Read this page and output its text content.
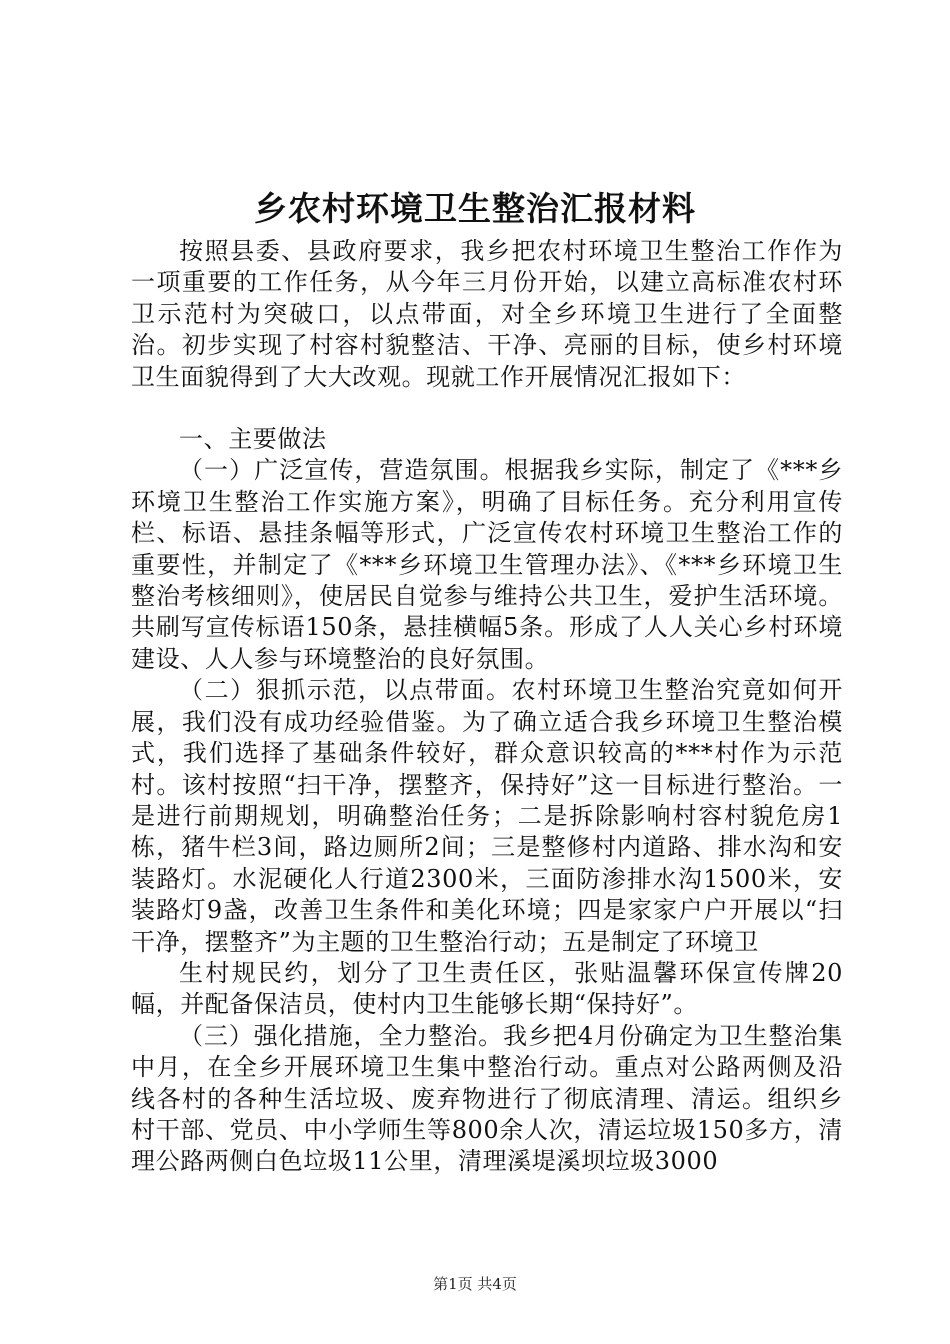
乡农村环境卫生整治汇报材料

按照县委、县政府要求，我乡把农村环境卫生整治工作作为一项重要的工作任务，从今年三月份开始，以建立高标准农村环卫示范村为突破口，以点带面，对全乡环境卫生进行了全面整治。初步实现了村容村貌整洁、干净、亮丽的目标，使乡村环境卫生面貌得到了大大改观。现就工作开展情况汇报如下：

一、主要做法

（一）广泛宣传，营造氛围。根据我乡实际，制定了《***乡环境卫生整治工作实施方案》，明确了目标任务。充分利用宣传栏、标语、悬挂条幅等形式，广泛宣传农村环境卫生整治工作的重要性，并制定了《***乡环境卫生管理办法》、《***乡环境卫生整治考核细则》，使居民自觉参与维持公共卫生，爱护生活环境。共刷写宣传标语150条，悬挂横幅5条。形成了人人关心乡村环境建设、人人参与环境整治的良好氛围。

（二）狠抓示范，以点带面。农村环境卫生整治究竟如何开展，我们没有成功经验借鉴。为了确立适合我乡环境卫生整治模式，我们选择了基础条件较好，群众意识较高的***村作为示范村。该村按照“扫干净，摆整齐，保持好”这一目标进行整治。一是进行前期规划，明确整治任务；二是拆除影响村容村貌危房1栋，猪牛栏3间，路边厕所2间；三是整修村内道路、排水沟和安装路灯。水泥硬化人行道2300米，三面防渗排水沟1500米，安装路灯9盏，改善卫生条件和美化环境；四是家家户户开展以“扫干净，摆整齐”为主题的卫生整治行动；五是制定了环境卫

生村规民约，划分了卫生责任区，张贴温馨环保宣传牌20幅，并配备保洁员，使村内卫生能够长期“保持好”。

（三）强化措施，全力整治。我乡把4月份确定为卫生整治集中月，在全乡开展环境卫生集中整治行动。重点对公路两侧及沿线各村的各种生活垃圾、废弃物进行了彻底清理、清运。组织乡村干部、党员、中小学师生等800余人次，清运垃圾150多方，清理公路两侧白色垃圾11公里，清理溪堤溪坝垃圾3000

第1页 共4页
